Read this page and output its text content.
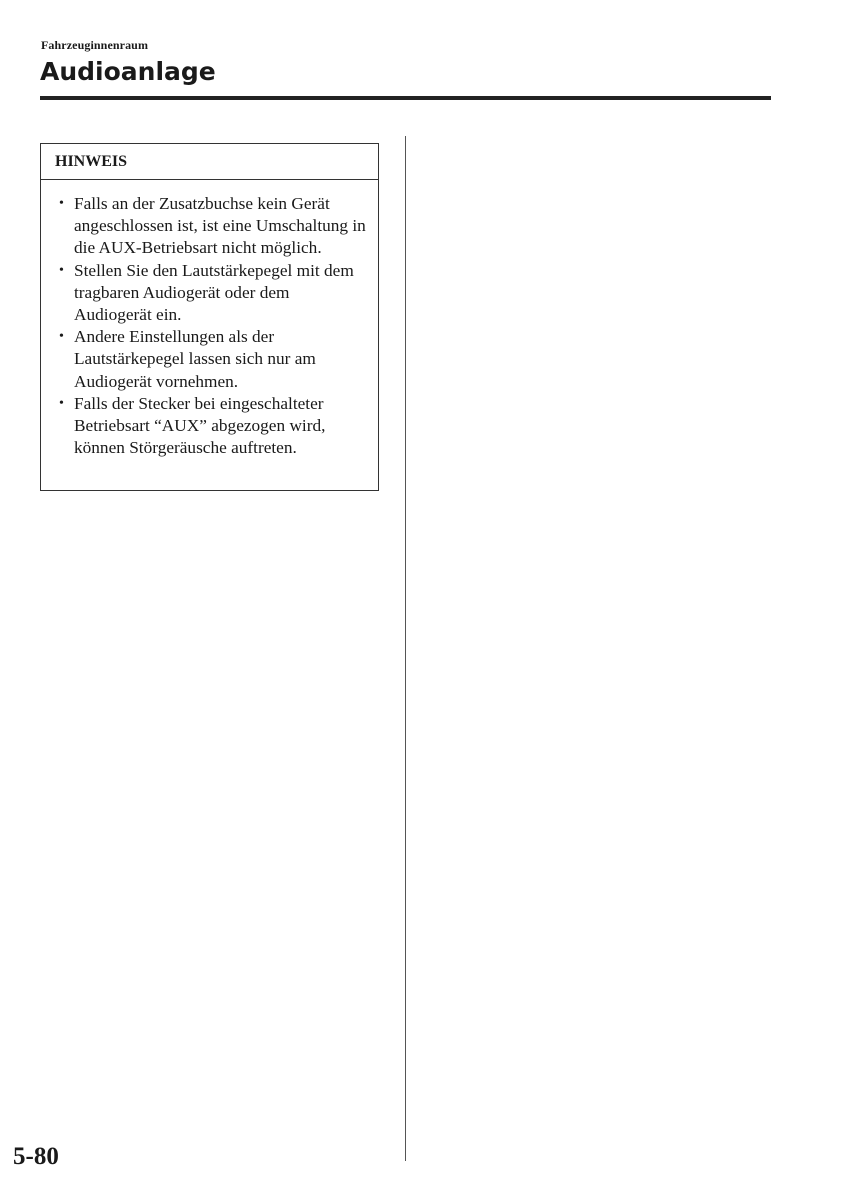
Fahrzeuginnenraum
Audioanlage
HINWEIS
• Falls an der Zusatzbuchse kein Gerät angeschlossen ist, ist eine Umschaltung in die AUX-Betriebsart nicht möglich.
• Stellen Sie den Lautstärkepegel mit dem tragbaren Audiogerät oder dem Audiogerät ein.
• Andere Einstellungen als der Lautstärkepegel lassen sich nur am Audiogerät vornehmen.
• Falls der Stecker bei eingeschalteter Betriebsart “AUX” abgezogen wird, können Störgeräusche auftreten.
5-80
